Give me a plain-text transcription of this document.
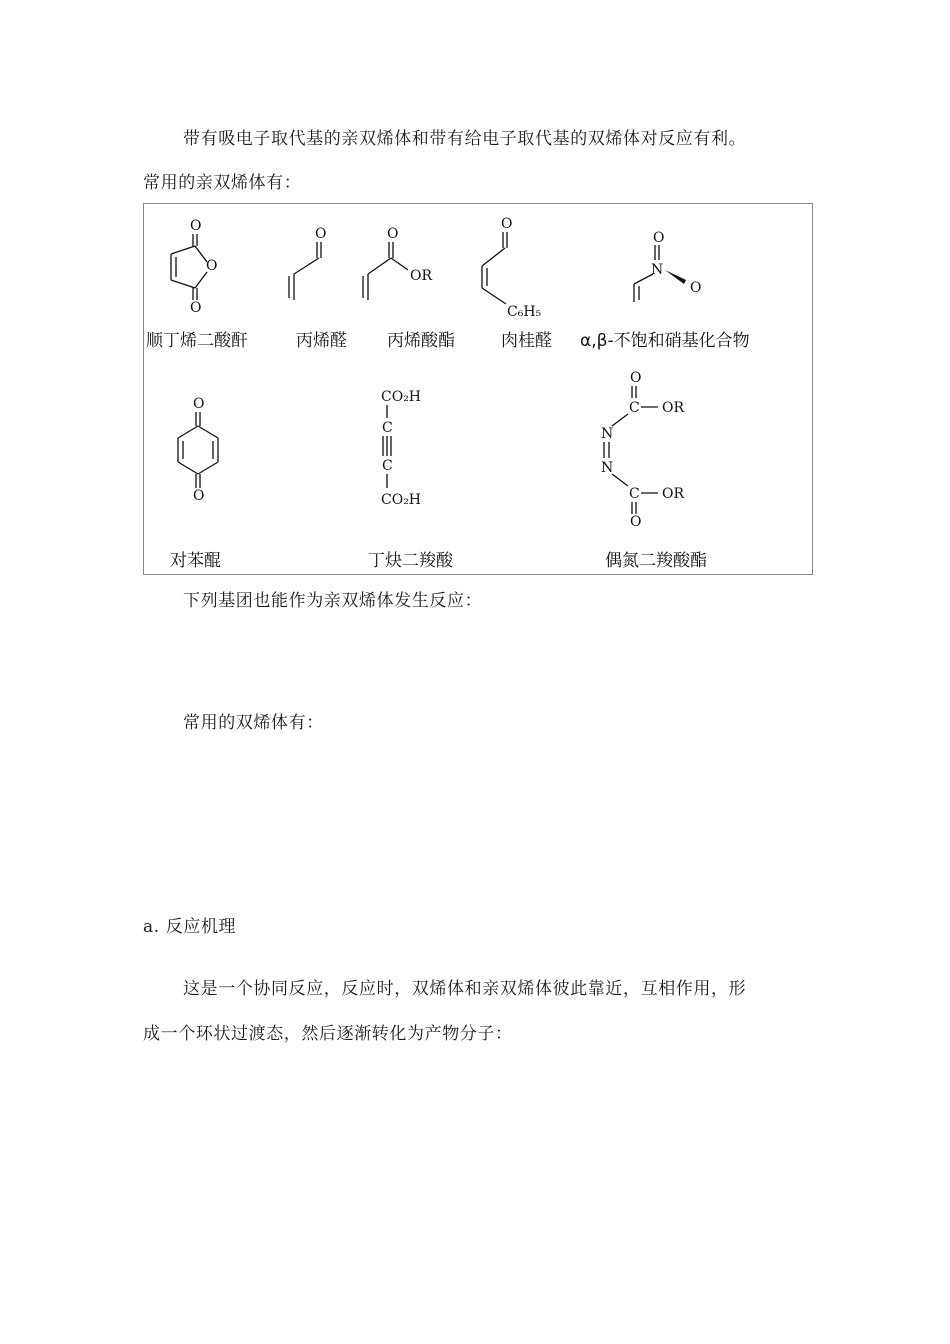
带有吸电子取代基的亲双烯体和带有给电子取代基的双烯体对反应有利。
常用的亲双烯体有：
O
O
O
顺丁烯二酸酐
O
丙烯醛
O
OR
丙烯酸酯
O
C₆H₅
肉桂醛
O
N
O
α,β-不饱和硝基化合物
O
O
对苯醌
CO₂H
C
C
CO₂H
丁炔二羧酸
O
C OR
N
N
C OR
O
偶氮二羧酸酯
下列基团也能作为亲双烯体发生反应：
常用的双烯体有：
a. 反应机理
这是一个协同反应，反应时，双烯体和亲双烯体彼此靠近，互相作用，形
成一个环状过渡态，然后逐渐转化为产物分子：
